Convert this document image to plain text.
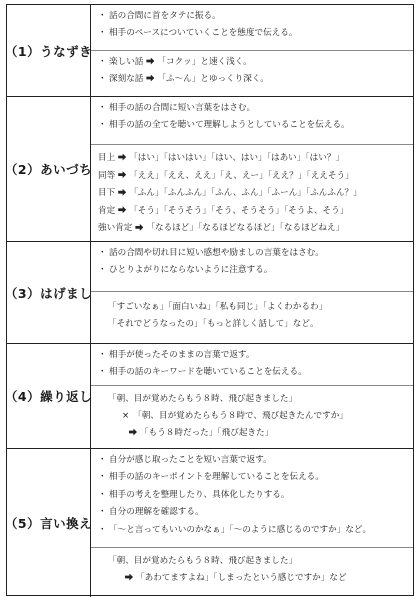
（1）うなずき
・ 話の合間に首をタテに振る。
・ 相手のペースについていくことを態度で伝える。
・ 楽しい話 「コクッ」と速く浅く。
・ 深刻な話 「ふ～ん」とゆっくり深く。
（2）あいづち
・ 相手の話の合間に短い言葉をはさむ。
・ 相手の話の全てを聴いて理解しようとしていることを伝える。
目上 「はい」「はいはい」「はい、はい」「はあい」「はい？」
同等 「ええ」「ええ、ええ」「え、えー」「ええ？」「ええそう」
目下 「ふん」「ふんふん」「ふん、ふん」「ふーん」「ふんふん？」
肯定 「そう」「そうそう」「そう、そうそう」「そうよ、そう」
強い肯定 「なるほど」「なるほどなるほど」「なるほどねえ」
（3）はげまし
・ 話の合間や切れ目に短い感想や励ましの言葉をはさむ。
・ ひとりよがりにならないように注意する。
「すごいなぁ」「面白いね」「私も同じ」「よくわかるわ」
「それでどうなったの」「もっと詳しく話して」など。
（4）繰り返し
・ 相手が使ったそのままの言葉で返す。
・ 相手の話のキーワードを聴いていることを伝える。
「朝、目が覚めたらもう８時、飛び起きました」
× 「朝、目が覚めたらもう８時で、飛び起きたんですか」
「もう８時だった」「飛び起きた」
（5）言い換え
・ 自分が感じ取ったことを短い言葉で返す。
・ 相手の話のキーポイントを理解していることを伝える。
・ 相手の考えを整理したり、具体化したりする。
・ 自分の理解を確認する。
・ 「～と言ってもいいのかなぁ」「～のように感じるのですか」など。
「朝、目が覚めたらもう８時、飛び起きました」
「あわてますよね」「しまったという感じですか」など
